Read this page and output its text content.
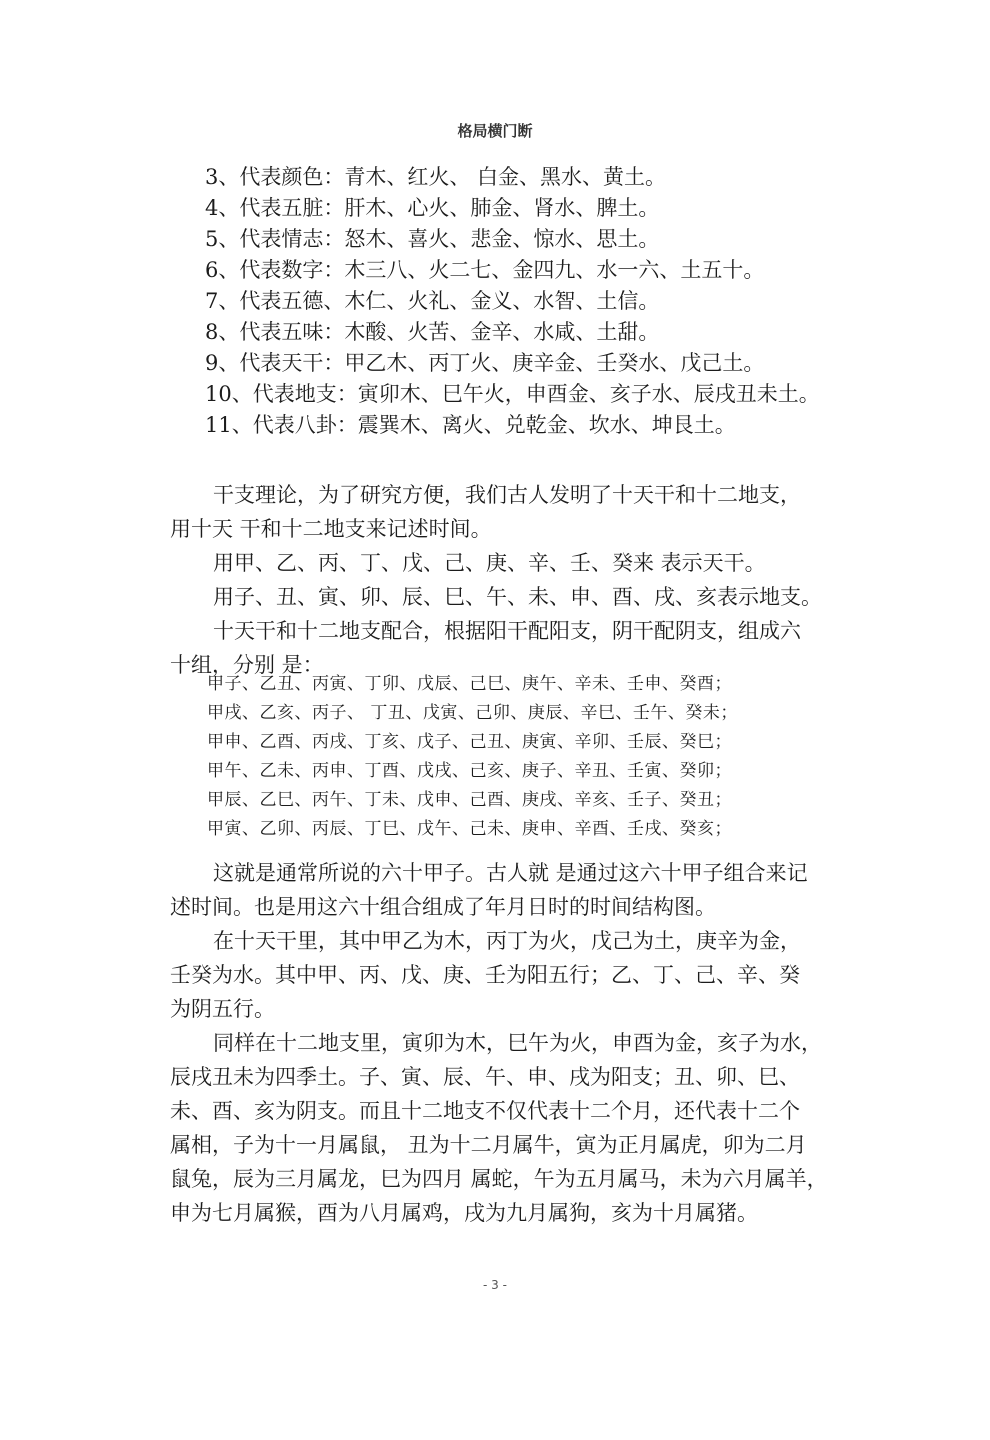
格局横门断
3、代表颜色：青木、红火、 白金、黑水、黄土。
4、代表五脏：肝木、心火、肺金、肾水、脾土。
5、代表情志：怒木、喜火、悲金、惊水、思土。
6、代表数字：木三八、火二七、金四九、水一六、土五十。
7、代表五德、木仁、火礼、金义、水智、土信。
8、代表五味：木酸、火苦、金辛、水咸、土甜。
9、代表天干：甲乙木、丙丁火、庚辛金、壬癸水、戊己土。
10、代表地支：寅卯木、巳午火，申酉金、亥子水、辰戌丑未土。
11、代表八卦：震巽木、离火、兑乾金、坎水、坤艮土。
干支理论，为了研究方便，我们古人发明了十天干和十二地支，
用十天 干和十二地支来记述时间。
用甲、乙、丙、丁、戊、己、庚、辛、壬、癸来 表示天干。
用子、丑、寅、卯、辰、巳、午、未、申、酉、戌、亥表示地支。
十天干和十二地支配合，根据阳干配阳支，阴干配阴支，组成六
十组，分别 是：
甲子、乙丑、丙寅、丁卯、戊辰、己巳、庚午、辛未、壬申、癸酉；
甲戌、乙亥、丙子、 丁丑、戊寅、己卯、庚辰、辛巳、壬午、癸未；
甲申、乙酉、丙戌、丁亥、戊子、己丑、庚寅、辛卯、壬辰、癸巳；
甲午、乙未、丙申、丁酉、戊戌、己亥、庚子、辛丑、壬寅、癸卯；
甲辰、乙巳、丙午、丁未、戊申、己酉、庚戌、辛亥、壬子、癸丑；
甲寅、乙卯、丙辰、丁巳、戊午、己未、庚申、辛酉、壬戌、癸亥；
这就是通常所说的六十甲子。古人就 是通过这六十甲子组合来记
述时间。也是用这六十组合组成了年月日时的时间结构图。
在十天干里，其中甲乙为木，丙丁为火，戊己为土，庚辛为金，
壬癸为水。其中甲、丙、戊、庚、壬为阳五行；乙、丁、己、辛、癸
为阴五行。
同样在十二地支里，寅卯为木，巳午为火，申酉为金，亥子为水，
辰戌丑未为四季土。子、寅、辰、午、申、戌为阳支；丑、卯、巳、
未、酉、亥为阴支。而且十二地支不仅代表十二个月，还代表十二个
属相，子为十一月属鼠， 丑为十二月属牛，寅为正月属虎，卯为二月
鼠兔，辰为三月属龙，巳为四月 属蛇，午为五月属马，未为六月属羊，
申为七月属猴，酉为八月属鸡，戌为九月属狗，亥为十月属猪。
- 3 -
